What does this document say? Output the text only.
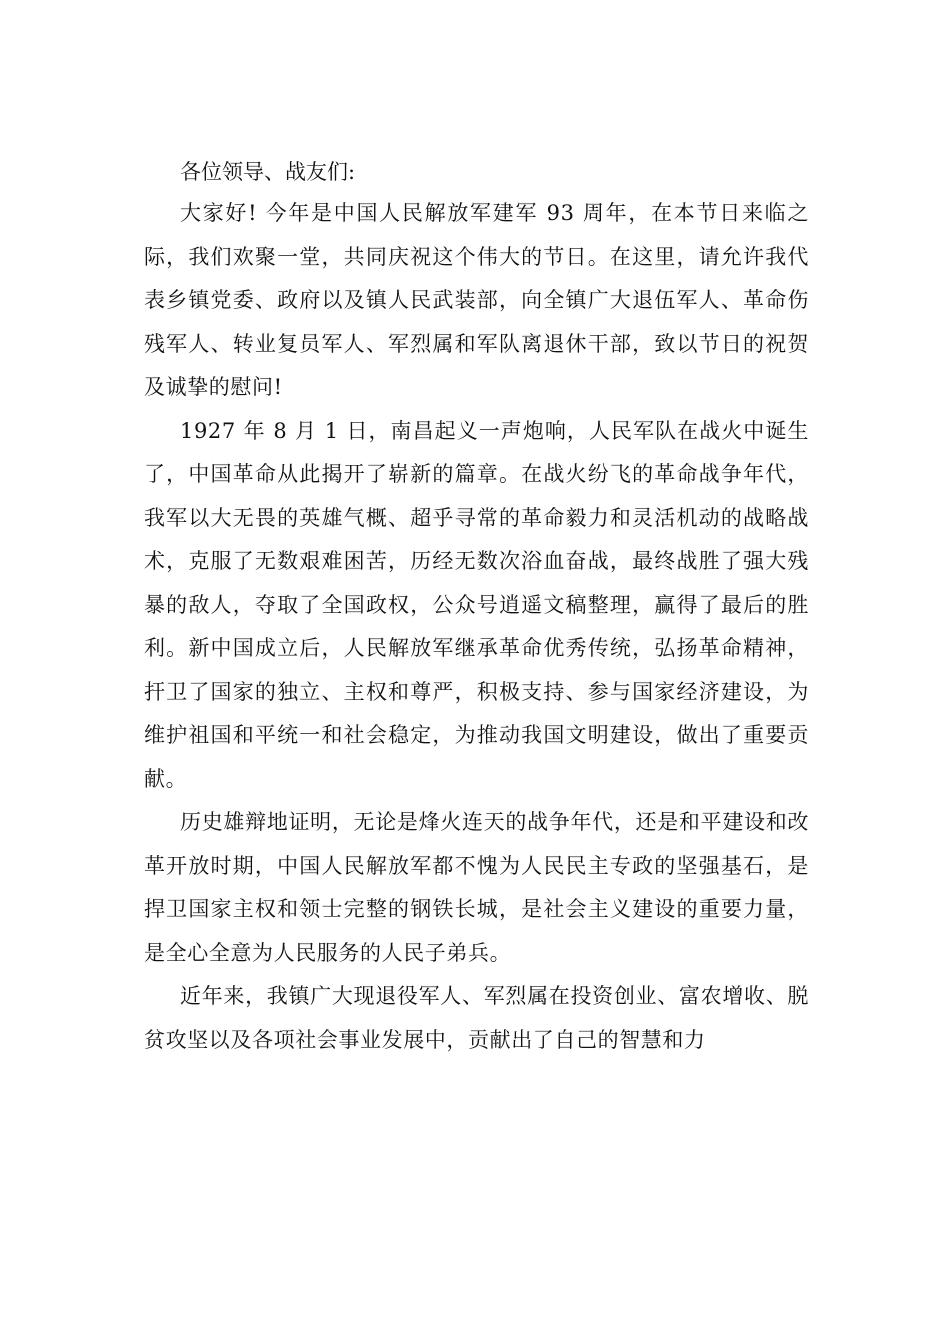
各位领导、战友们:

大家好! 今年是中国人民解放军建军 93 周年，在本节日来临之际，我们欢聚一堂，共同庆祝这个伟大的节日。在这里，请允许我代表乡镇党委、政府以及镇人民武装部，向全镇广大退伍军人、革命伤残军人、转业复员军人、军烈属和军队离退休干部，致以节日的祝贺及诚挚的慰问!

1927 年 8 月 1 日，南昌起义一声炮响，人民军队在战火中诞生了，中国革命从此揭开了崭新的篇章。在战火纷飞的革命战争年代，我军以大无畏的英雄气概、超乎寻常的革命毅力和灵活机动的战略战术，克服了无数艰难困苦，历经无数次浴血奋战，最终战胜了强大残暴的敌人，夺取了全国政权，公众号逍遥文稿整理，赢得了最后的胜利。新中国成立后，人民解放军继承革命优秀传统，弘扬革命精神，扞卫了国家的独立、主权和尊严，积极支持、参与国家经济建设，为维护祖国和平统一和社会稳定，为推动我国文明建设，做出了重要贡献。

历史雄辩地证明，无论是烽火连天的战争年代，还是和平建设和改革开放时期，中国人民解放军都不愧为人民民主专政的坚强基石，是捍卫国家主权和领士完整的钢铁长城，是社会主义建设的重要力量，是全心全意为人民服务的人民子弟兵。

近年来，我镇广大现退役军人、军烈属在投资创业、富农增收、脱贫攻坚以及各项社会事业发展中，贡献出了自己的智慧和力
